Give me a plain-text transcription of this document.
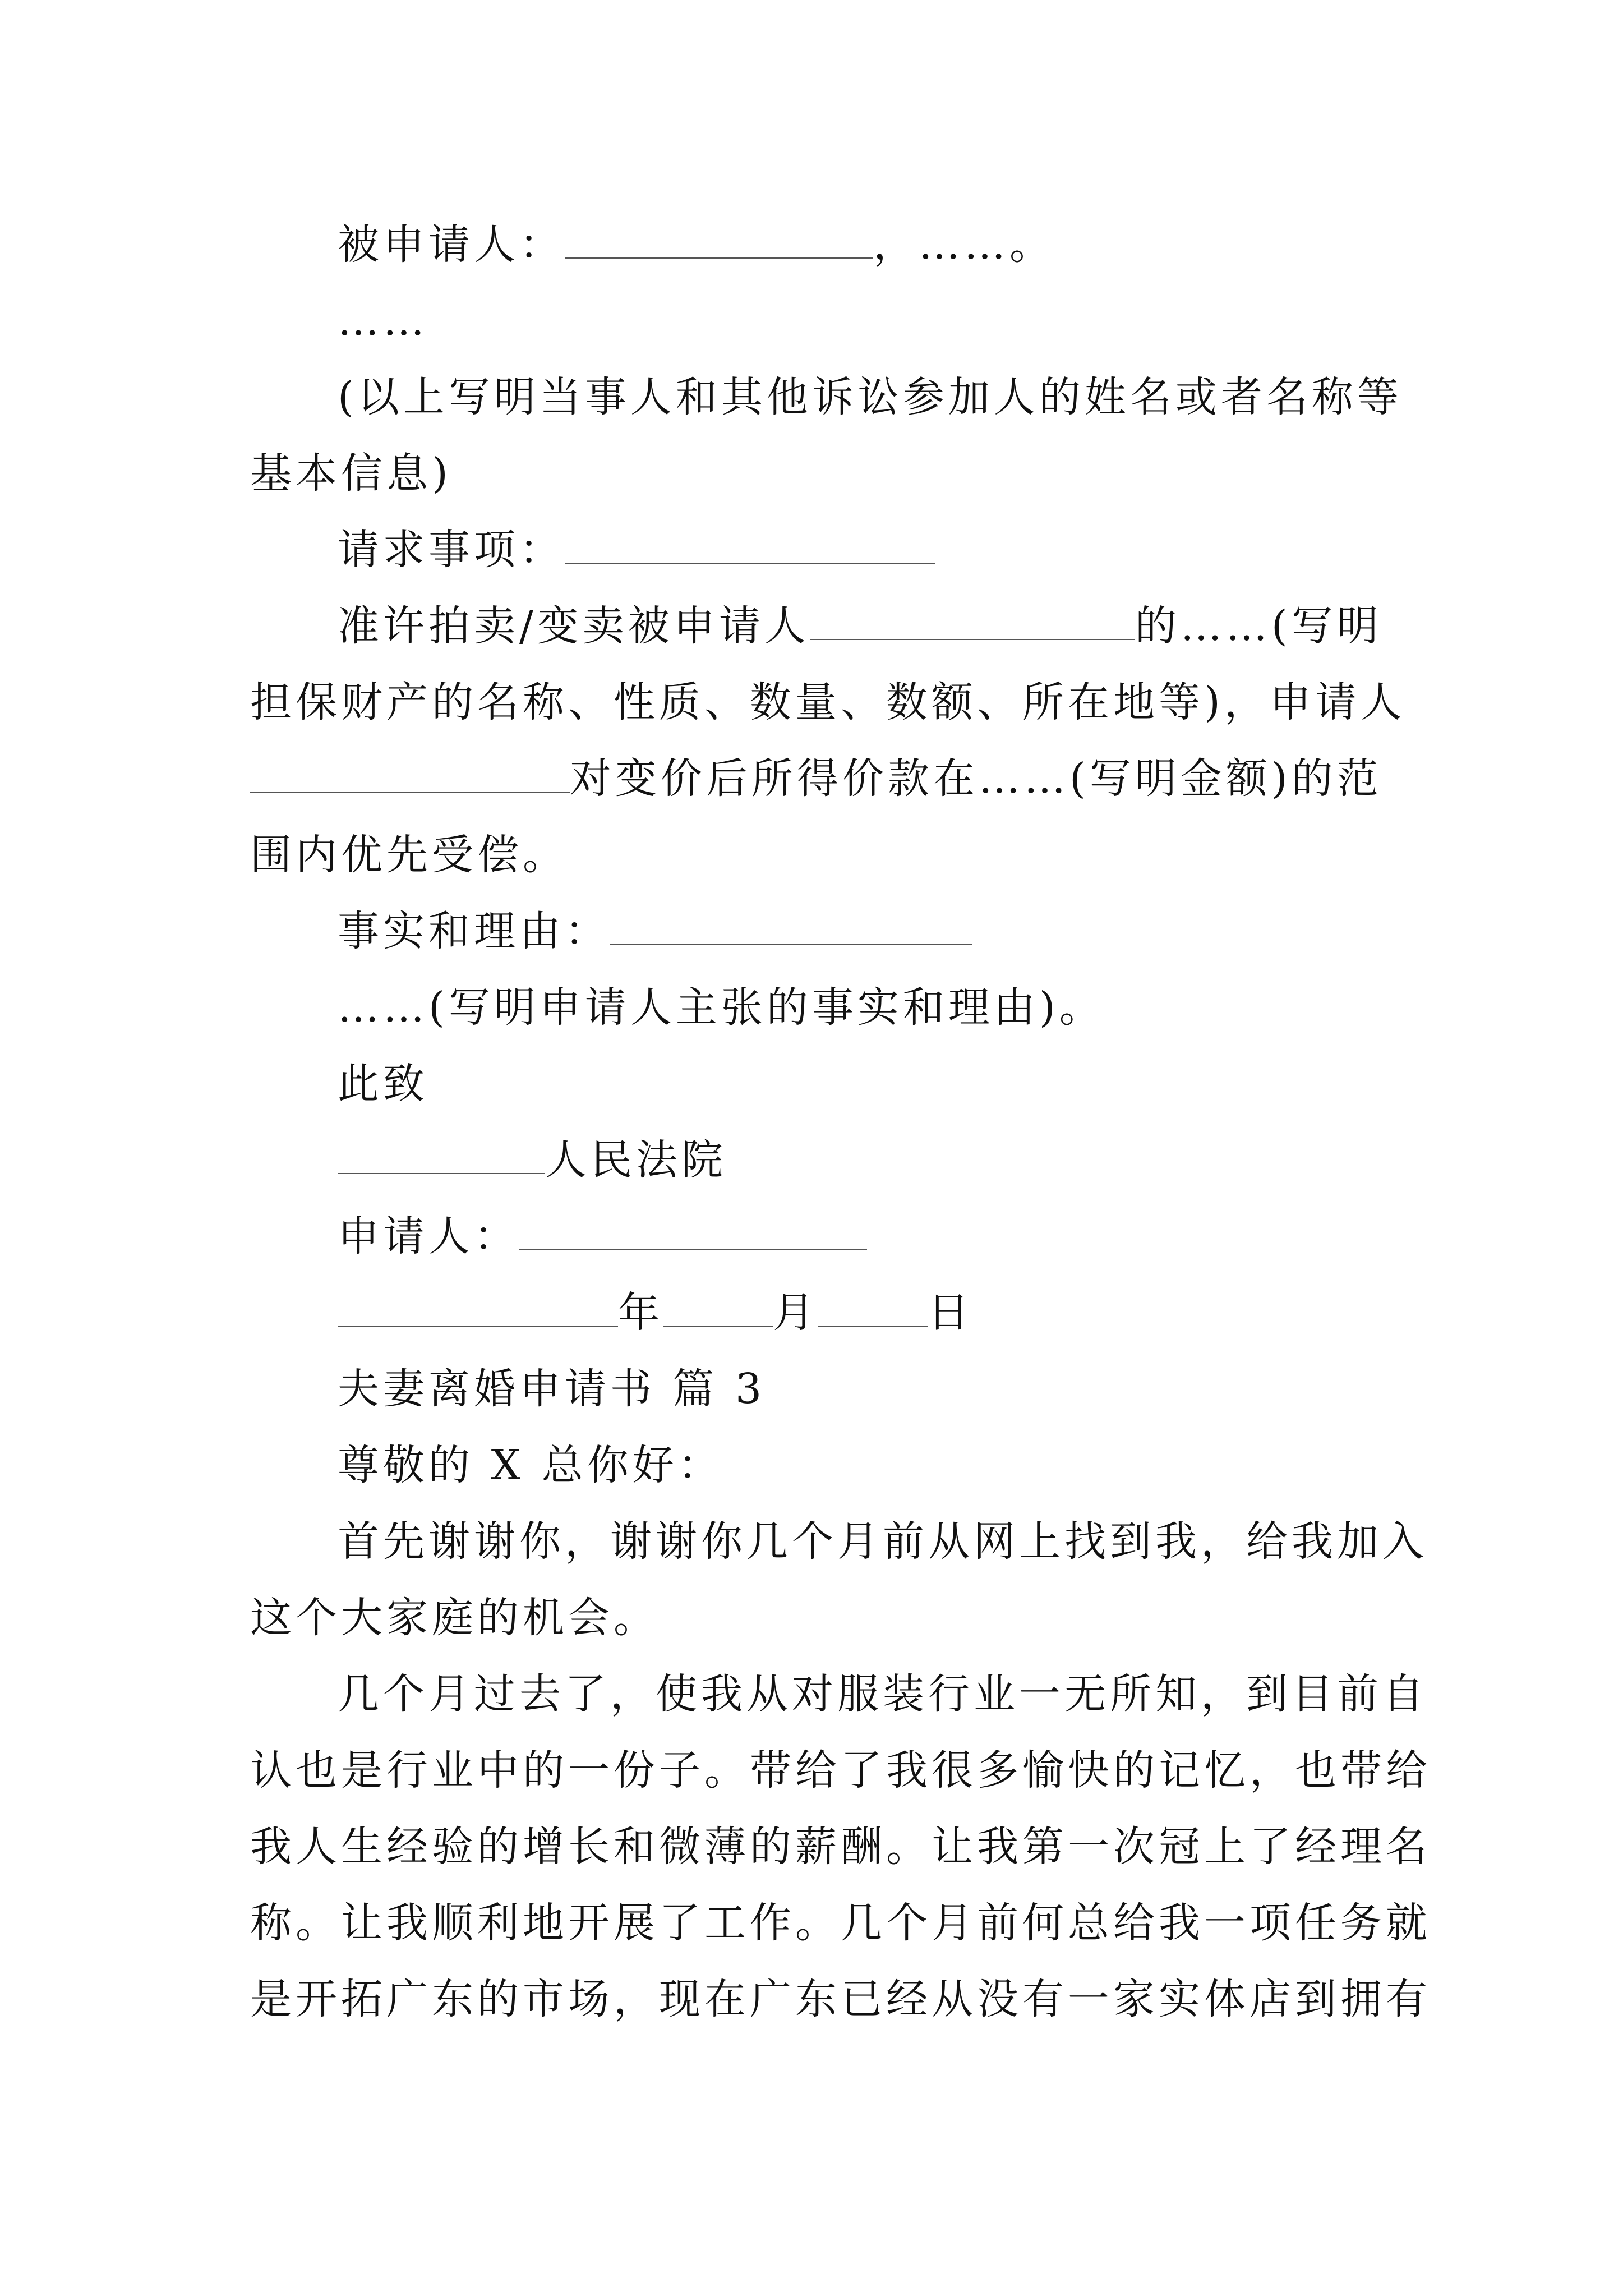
被申请人：	，……。
……
(以上写明当事人和其他诉讼参加人的姓名或者名称等
基本信息)
请求事项：
准许拍卖/变卖被申请人	的……(写明
担保财产的名称、性质、数量、数额、所在地等)，申请人
对变价后所得价款在……(写明金额)的范
围内优先受偿。
事实和理由：
……(写明申请人主张的事实和理由)。
此致
人民法院
申请人：
年	月	日
夫妻离婚申请书 篇 3
尊敬的 X 总你好：
首先谢谢你，谢谢你几个月前从网上找到我，给我加入
这个大家庭的机会。
几个月过去了，使我从对服装行业一无所知，到目前自
认也是行业中的一份子。带给了我很多愉快的记忆，也带给
我人生经验的增长和微薄的薪酬。让我第一次冠上了经理名
称。让我顺利地开展了工作。几个月前何总给我一项任务就
是开拓广东的市场，现在广东已经从没有一家实体店到拥有
